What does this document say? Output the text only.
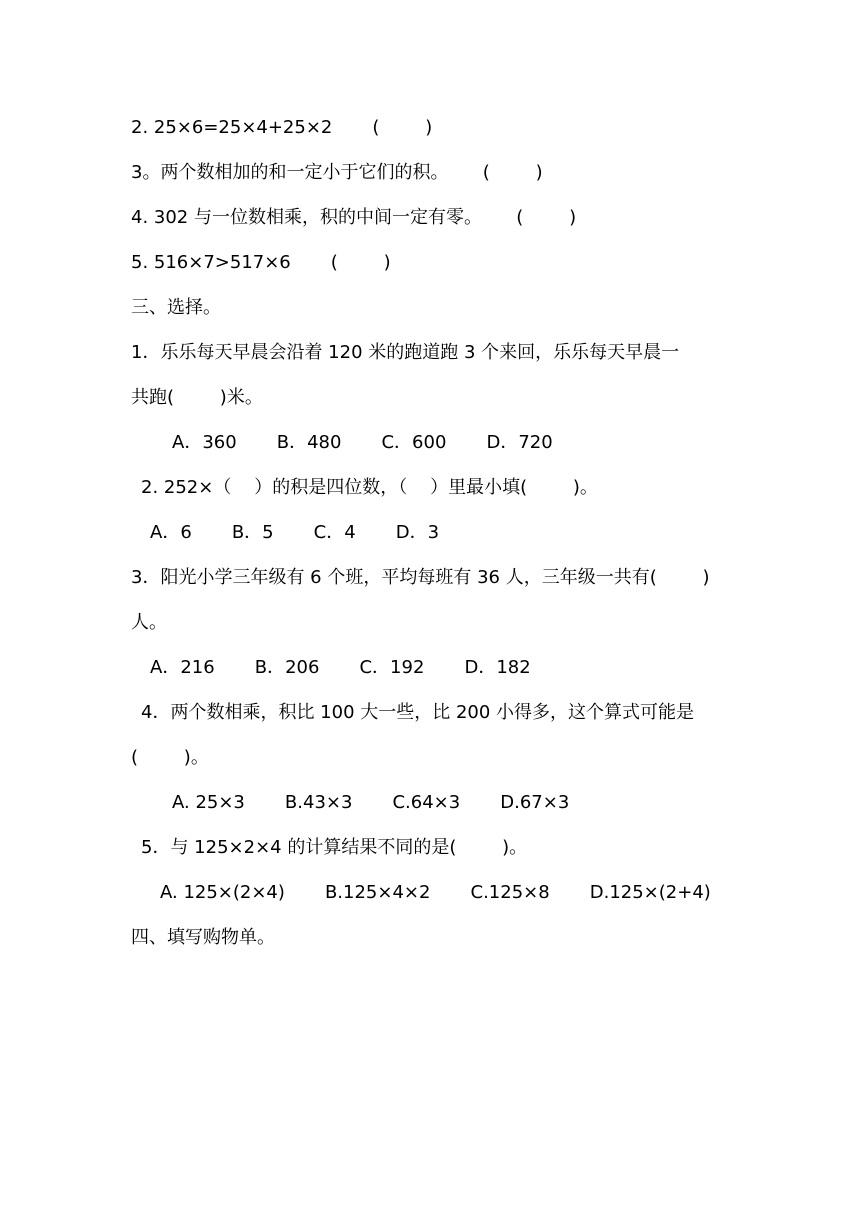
2. 25×6=25×4+25×2       (        )
3。两个数相加的和一定小于它们的积。      (        )
4. 302 与一位数相乘，积的中间一定有零。      (        )
5. 516×7>517×6       (        )
三、选择。
1．乐乐每天早晨会沿着 120 米的跑道跑 3 个来回，乐乐每天早晨一
共跑(        )米。
A．360       B．480       C．600       D．720
2. 252×（    ）的积是四位数，（    ）里最小填(        )。
A．6       B．5       C．4       D．3
3．阳光小学三年级有 6 个班，平均每班有 36 人，三年级一共有(        )
人。
A．216       B．206       C．192       D．182
4．两个数相乘，积比 100 大一些，比 200 小得多，这个算式可能是
(        )。
A. 25×3       B.43×3       C.64×3       D.67×3
5．与 125×2×4 的计算结果不同的是(        )。
A. 125×(2×4)       B.125×4×2       C.125×8       D.125×(2+4)
四、填写购物单。
